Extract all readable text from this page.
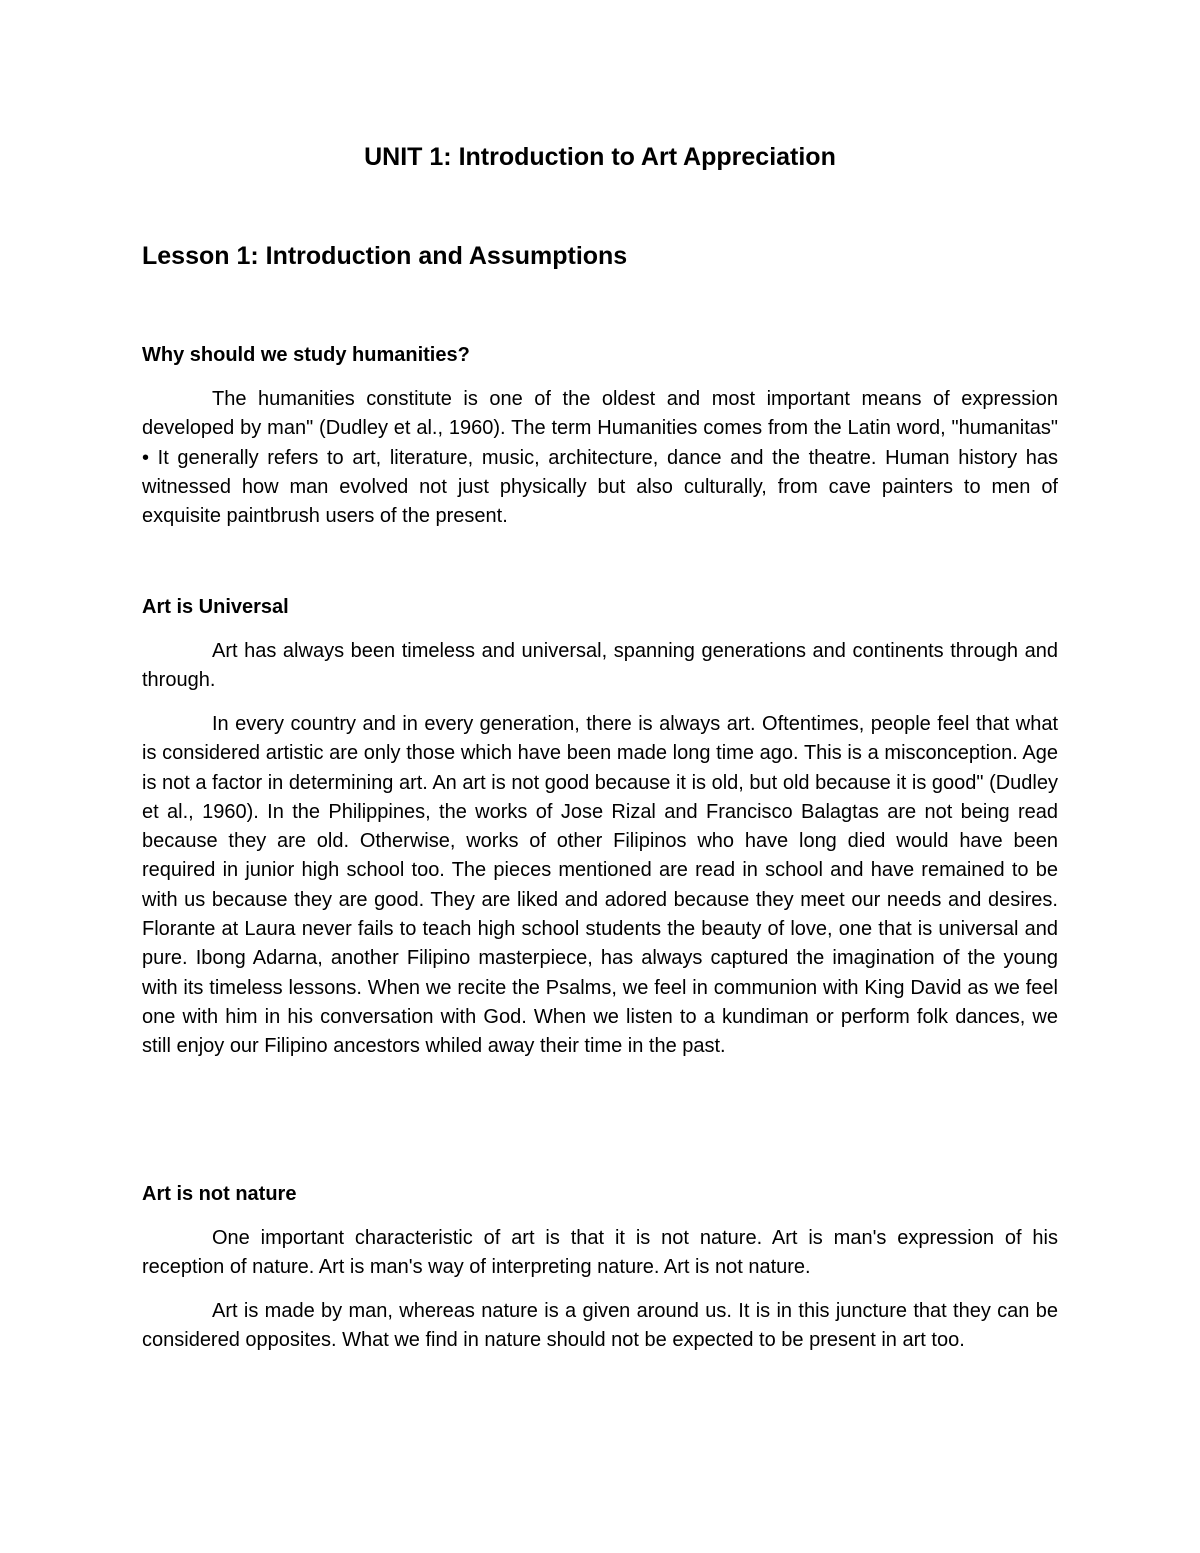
UNIT 1: Introduction to Art Appreciation
Lesson 1: Introduction and Assumptions
Why should we study humanities?

The humanities constitute is one of the oldest and most important means of expression developed by man" (Dudley et al., 1960). The term Humanities comes from the Latin word, "humanitas" • It generally refers to art, literature, music, architecture, dance and the theatre. Human history has witnessed how man evolved not just physically but also culturally, from cave painters to men of exquisite paintbrush users of the present.

Art is Universal

Art has always been timeless and universal, spanning generations and continents through and through.

In every country and in every generation, there is always art. Oftentimes, people feel that what is considered artistic are only those which have been made long time ago. This is a misconception. Age is not a factor in determining art. An art is not good because it is old, but old because it is good" (Dudley et al., 1960). In the Philippines, the works of Jose Rizal and Francisco Balagtas are not being read because they are old. Otherwise, works of other Filipinos who have long died would have been required in junior high school too. The pieces mentioned are read in school and have remained to be with us because they are good. They are liked and adored because they meet our needs and desires. Florante at Laura never fails to teach high school students the beauty of love, one that is universal and pure. Ibong Adarna, another Filipino masterpiece, has always captured the imagination of the young with its timeless lessons. When we recite the Psalms, we feel in communion with King David as we feel one with him in his conversation with God. When we listen to a kundiman or perform folk dances, we still enjoy our Filipino ancestors whiled away their time in the past.

Art is not nature

One important characteristic of art is that it is not nature. Art is man's expression of his reception of nature. Art is man's way of interpreting nature. Art is not nature.

Art is made by man, whereas nature is a given around us. It is in this juncture that they can be considered opposites. What we find in nature should not be expected to be present in art too.
